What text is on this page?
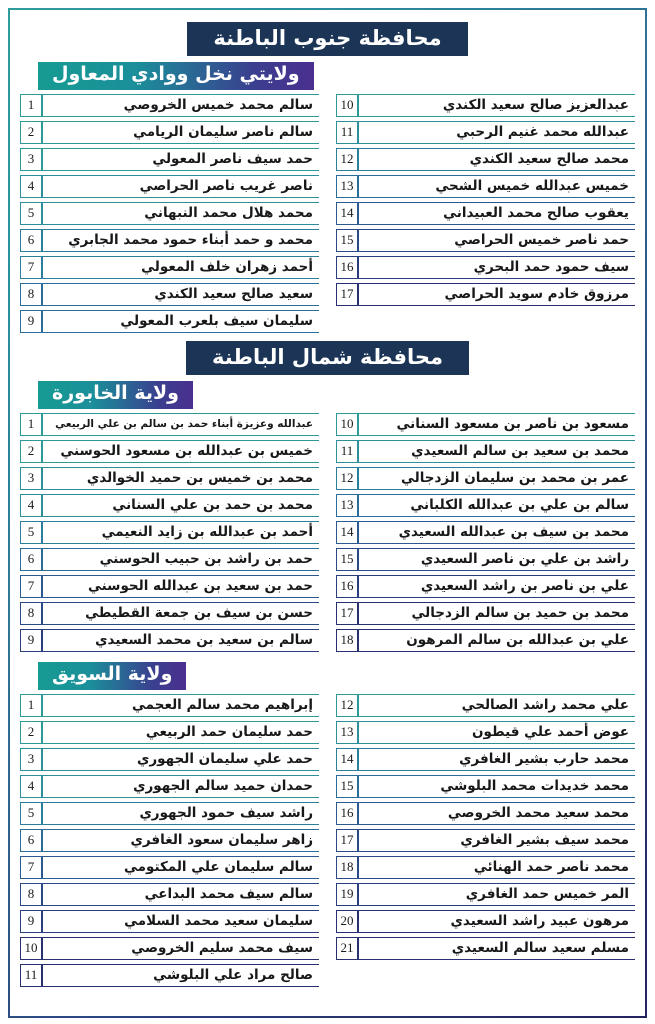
محافظة جنوب الباطنة
ولايتي نخل ووادي المعاول
عبدالعزيز صالح سعيد الكندي
10
عبدالله محمد غنيم الرحبي
11
محمد صالح سعيد الكندي
12
خميس عبدالله خميس الشحي
13
يعقوب صالح محمد العبيداني
14
حمد ناصر خميس الحراصي
15
سيف حمود حمد البحري
16
مرزوق خادم سويد الحراصي
17
سالم محمد خميس الخروصي
1
سالم ناصر سليمان الريامي
2
حمد سيف ناصر المعولي
3
ناصر غريب ناصر الحراصي
4
محمد هلال محمد النبهاني
5
محمد و حمد أبناء حمود محمد الجابري
6
أحمد زهران خلف المعولي
7
سعيد صالح سعيد الكندي
8
سليمان سيف بلعرب المعولي
9
محافظة شمال الباطنة
ولاية الخابورة
مسعود بن ناصر بن مسعود السناني
10
محمد بن سعيد بن سالم السعيدي
11
عمر بن محمد بن سليمان الزدجالي
12
سالم بن علي بن عبدالله الكلباني
13
محمد بن سيف بن عبدالله السعيدي
14
راشد بن علي بن ناصر السعيدي
15
علي بن ناصر بن راشد السعيدي
16
محمد بن حميد بن سالم الزدجالي
17
علي بن عبدالله بن سالم المرهون
18
عبدالله وعزيزة أبناء حمد بن سالم بن علي الربيعي
1
خميس بن عبدالله بن مسعود الحوسني
2
محمد بن خميس بن حميد الخوالدي
3
محمد بن حمد بن علي السناني
4
أحمد بن عبدالله بن زايد النعيمي
5
حمد بن راشد بن حبيب الحوسني
6
حمد بن سعيد بن عبدالله الحوسني
7
حسن بن سيف بن جمعة القطيطي
8
سالم بن سعيد بن محمد السعيدي
9
ولاية السويق
علي محمد راشد الصالحي
12
عوض أحمد علي قيطون
13
محمد حارب بشير الغافري
14
محمد خديدات محمد البلوشي
15
محمد سعيد محمد الخروصي
16
محمد سيف بشير الغافري
17
محمد ناصر حمد الهنائي
18
المر خميس حمد الغافري
19
مرهون عبيد راشد السعيدي
20
مسلم سعيد سالم السعيدي
21
إبراهيم محمد سالم العجمي
1
حمد سليمان حمد الربيعي
2
حمد علي سليمان الجهوري
3
حمدان حميد سالم الجهوري
4
راشد سيف حمود الجهوري
5
زاهر سليمان سعود الغافري
6
سالم سليمان علي المكتومي
7
سالم سيف محمد البداعي
8
سليمان سعيد محمد السلامي
9
سيف محمد سليم الخروصي
10
صالح مراد علي البلوشي
11
